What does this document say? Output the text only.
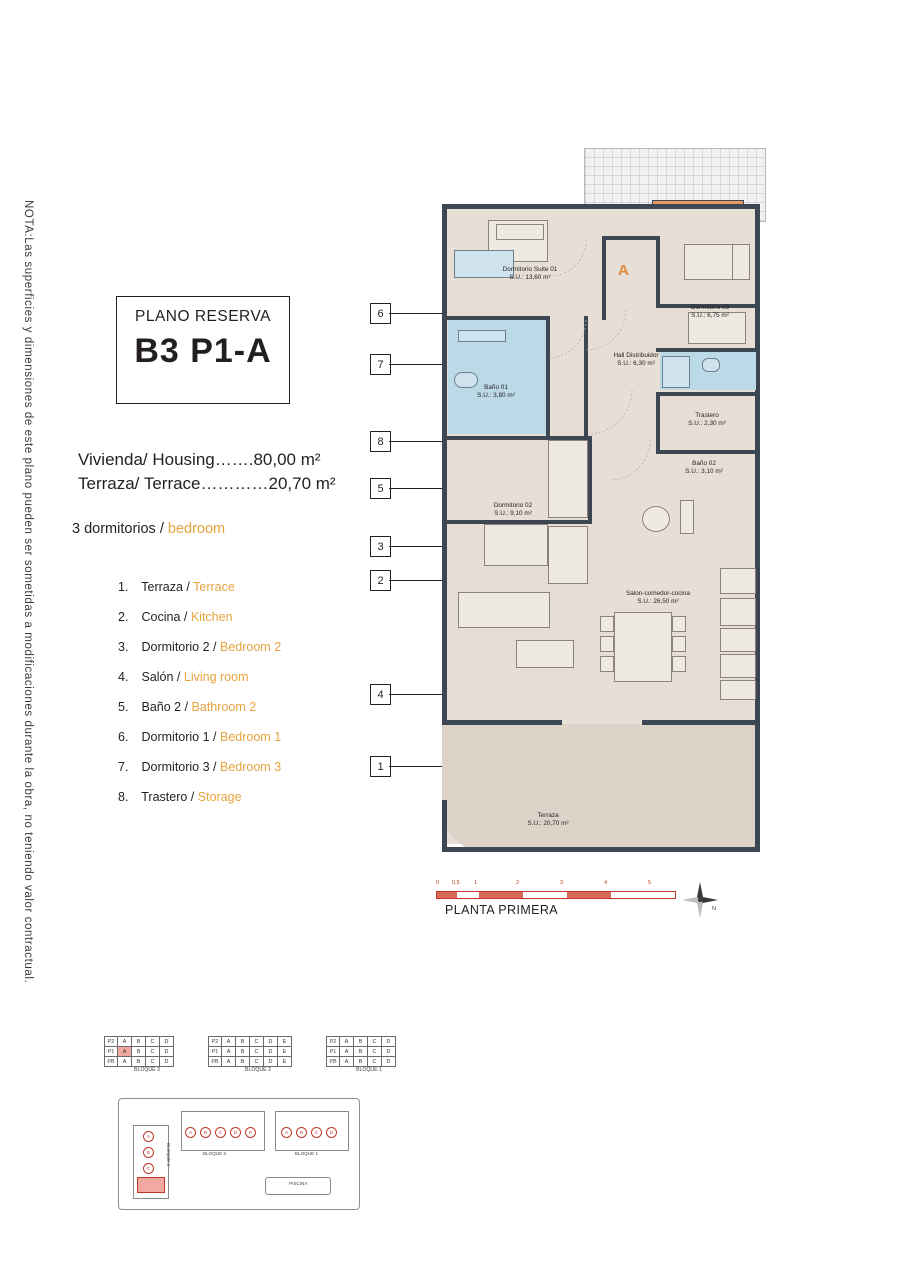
NOTA:Las superficies y dimensiones de este plano pueden ser sometidas a modificaciones durante la obra, no teniendo valor contractual.	PLANO RESERVA
B3 P1-A
Vivienda/ Housing…….80,00 m²
Terraza/ Terrace…………20,70 m²
3 dormitorios / bedroom
1. Terraza / Terrace
2. Cocina / Kitchen
3. Dormitorio 2 / Bedroom 2
4. Salón / Living room
5. Baño 2 / Bathroom 2
6. Dormitorio 1 / Bedroom 1
7. Dormitorio 3 / Bedroom 3
8. Trastero / Storage
6
7
8
5
3
2
4
1
A
Dormitorio Suite 01
S.U.: 13,60 m²
Dormitorio 03
S.U.: 6,75 m²
Hall Distribuidor
S.U.: 6,30 m²
Baño 01
S.U.: 3,80 m²
Trastero
S.U.: 2,30 m²
Baño 02
S.U.: 3,10 m²
Dormitorio 02
S.U.: 9,10 m²
Salon-comedor-cocina
S.U.: 26,50 m²
Terraza
S.U.: 20,70 m²
0 0,5	1	2	3	4	5
PLANTA PRIMERA	N
P2	A	B	C	D
P1	A	B	C	D
PB	A	B	C	D
BLOQUE 3
P2	A	B	C	D	E
P1	A	B	C	D	E
PB	A	B	C	D	E
BLOQUE 2
P2	A	B	C	D
P1	A	B	C	D
PB	A	B	C	D
BLOQUE 1
A
B
C
BLOQUE 3
A	B	C	D	E
BLOQUE 2
A	B	C	D
BLOQUE 1
PISCINA
